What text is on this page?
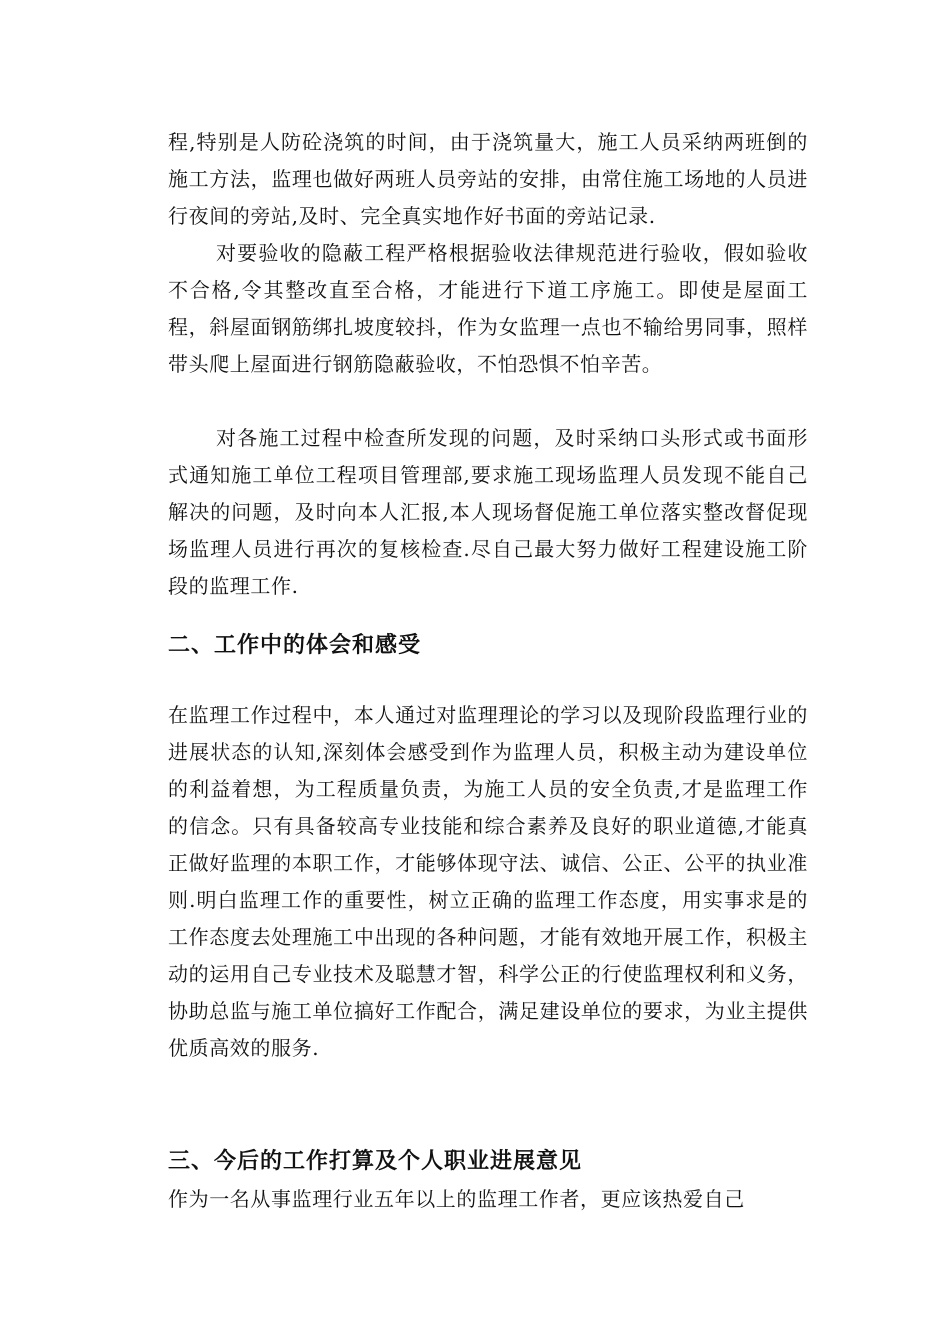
程,特别是人防砼浇筑的时间，由于浇筑量大，施工人员采纳两班倒的施工方法，监理也做好两班人员旁站的安排，由常住施工场地的人员进行夜间的旁站,及时、完全真实地作好书面的旁站记录.

对要验收的隐蔽工程严格根据验收法律规范进行验收，假如验收不合格,令其整改直至合格，才能进行下道工序施工。即使是屋面工程，斜屋面钢筋绑扎坡度较抖，作为女监理一点也不输给男同事，照样带头爬上屋面进行钢筋隐蔽验收，不怕恐惧不怕辛苦。

对各施工过程中检查所发现的问题，及时采纳口头形式或书面形式通知施工单位工程项目管理部,要求施工现场监理人员发现不能自己解决的问题，及时向本人汇报,本人现场督促施工单位落实整改督促现场监理人员进行再次的复核检查.尽自己最大努力做好工程建设施工阶段的监理工作.

二、工作中的体会和感受

在监理工作过程中，本人通过对监理理论的学习以及现阶段监理行业的进展状态的认知,深刻体会感受到作为监理人员，积极主动为建设单位的利益着想，为工程质量负责，为施工人员的安全负责,才是监理工作的信念。只有具备较高专业技能和综合素养及良好的职业道德,才能真正做好监理的本职工作，才能够体现守法、诚信、公正、公平的执业准则.明白监理工作的重要性，树立正确的监理工作态度，用实事求是的工作态度去处理施工中出现的各种问题，才能有效地开展工作，积极主动的运用自己专业技术及聪慧才智，科学公正的行使监理权利和义务，协助总监与施工单位搞好工作配合，满足建设单位的要求，为业主提供优质高效的服务.

三、今后的工作打算及个人职业进展意见

作为一名从事监理行业五年以上的监理工作者，更应该热爱自己
